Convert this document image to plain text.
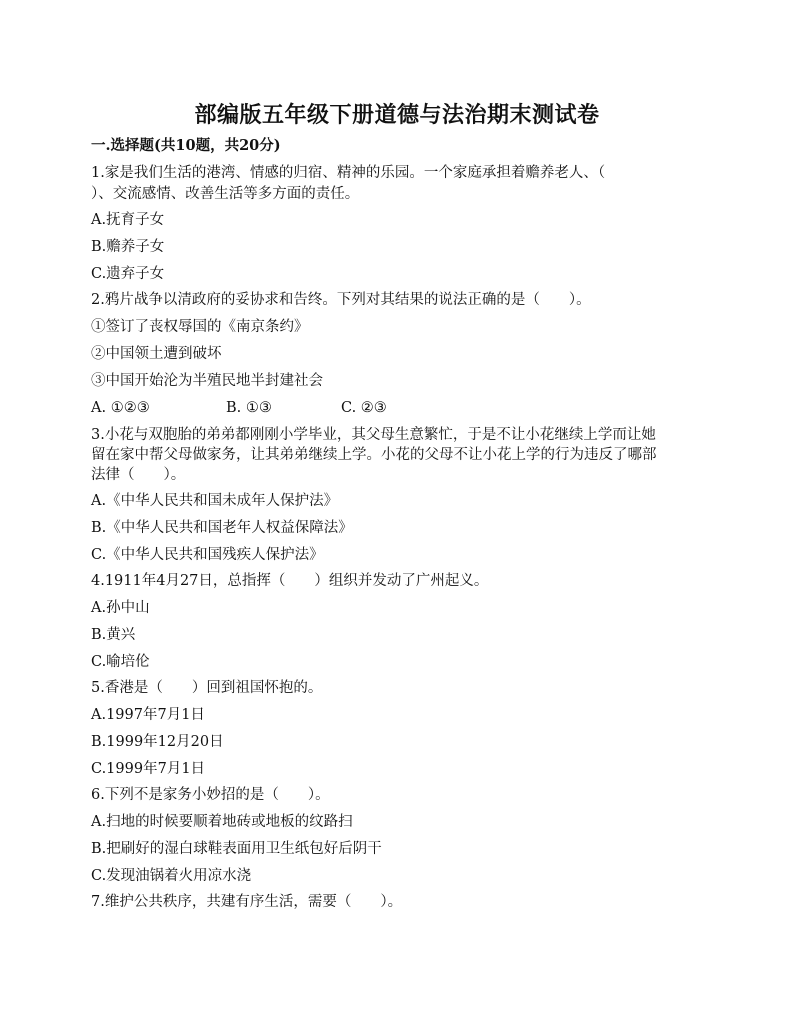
部编版五年级下册道德与法治期末测试卷
一.选择题(共10题，共20分)
1.家是我们生活的港湾、情感的归宿、精神的乐园。一个家庭承担着赡养老人、（
）、交流感情、改善生活等多方面的责任。
A.抚育子女
B.赡养子女
C.遗弃子女
2.鸦片战争以清政府的妥协求和告终。下列对其结果的说法正确的是（　　）。
①签订了丧权辱国的《南京条约》
②中国领土遭到破坏
③中国开始沦为半殖民地半封建社会
A. ①②③	B. ①③	C. ②③
3.小花与双胞胎的弟弟都刚刚小学毕业，其父母生意繁忙，于是不让小花继续上学而让她
留在家中帮父母做家务，让其弟弟继续上学。小花的父母不让小花上学的行为违反了哪部
法律（　　）。
A.《中华人民共和国未成年人保护法》
B.《中华人民共和国老年人权益保障法》
C.《中华人民共和国残疾人保护法》
4.1911年4月27日，总指挥（　　）组织并发动了广州起义。
A.孙中山
B.黄兴
C.喻培伦
5.香港是（　　）回到祖国怀抱的。
A.1997年7月1日
B.1999年12月20日
C.1999年7月1日
6.下列不是家务小妙招的是（　　）。
A.扫地的时候要顺着地砖或地板的纹路扫
B.把刷好的湿白球鞋表面用卫生纸包好后阴干
C.发现油锅着火用凉水浇
7.维护公共秩序，共建有序生活，需要（　　）。
